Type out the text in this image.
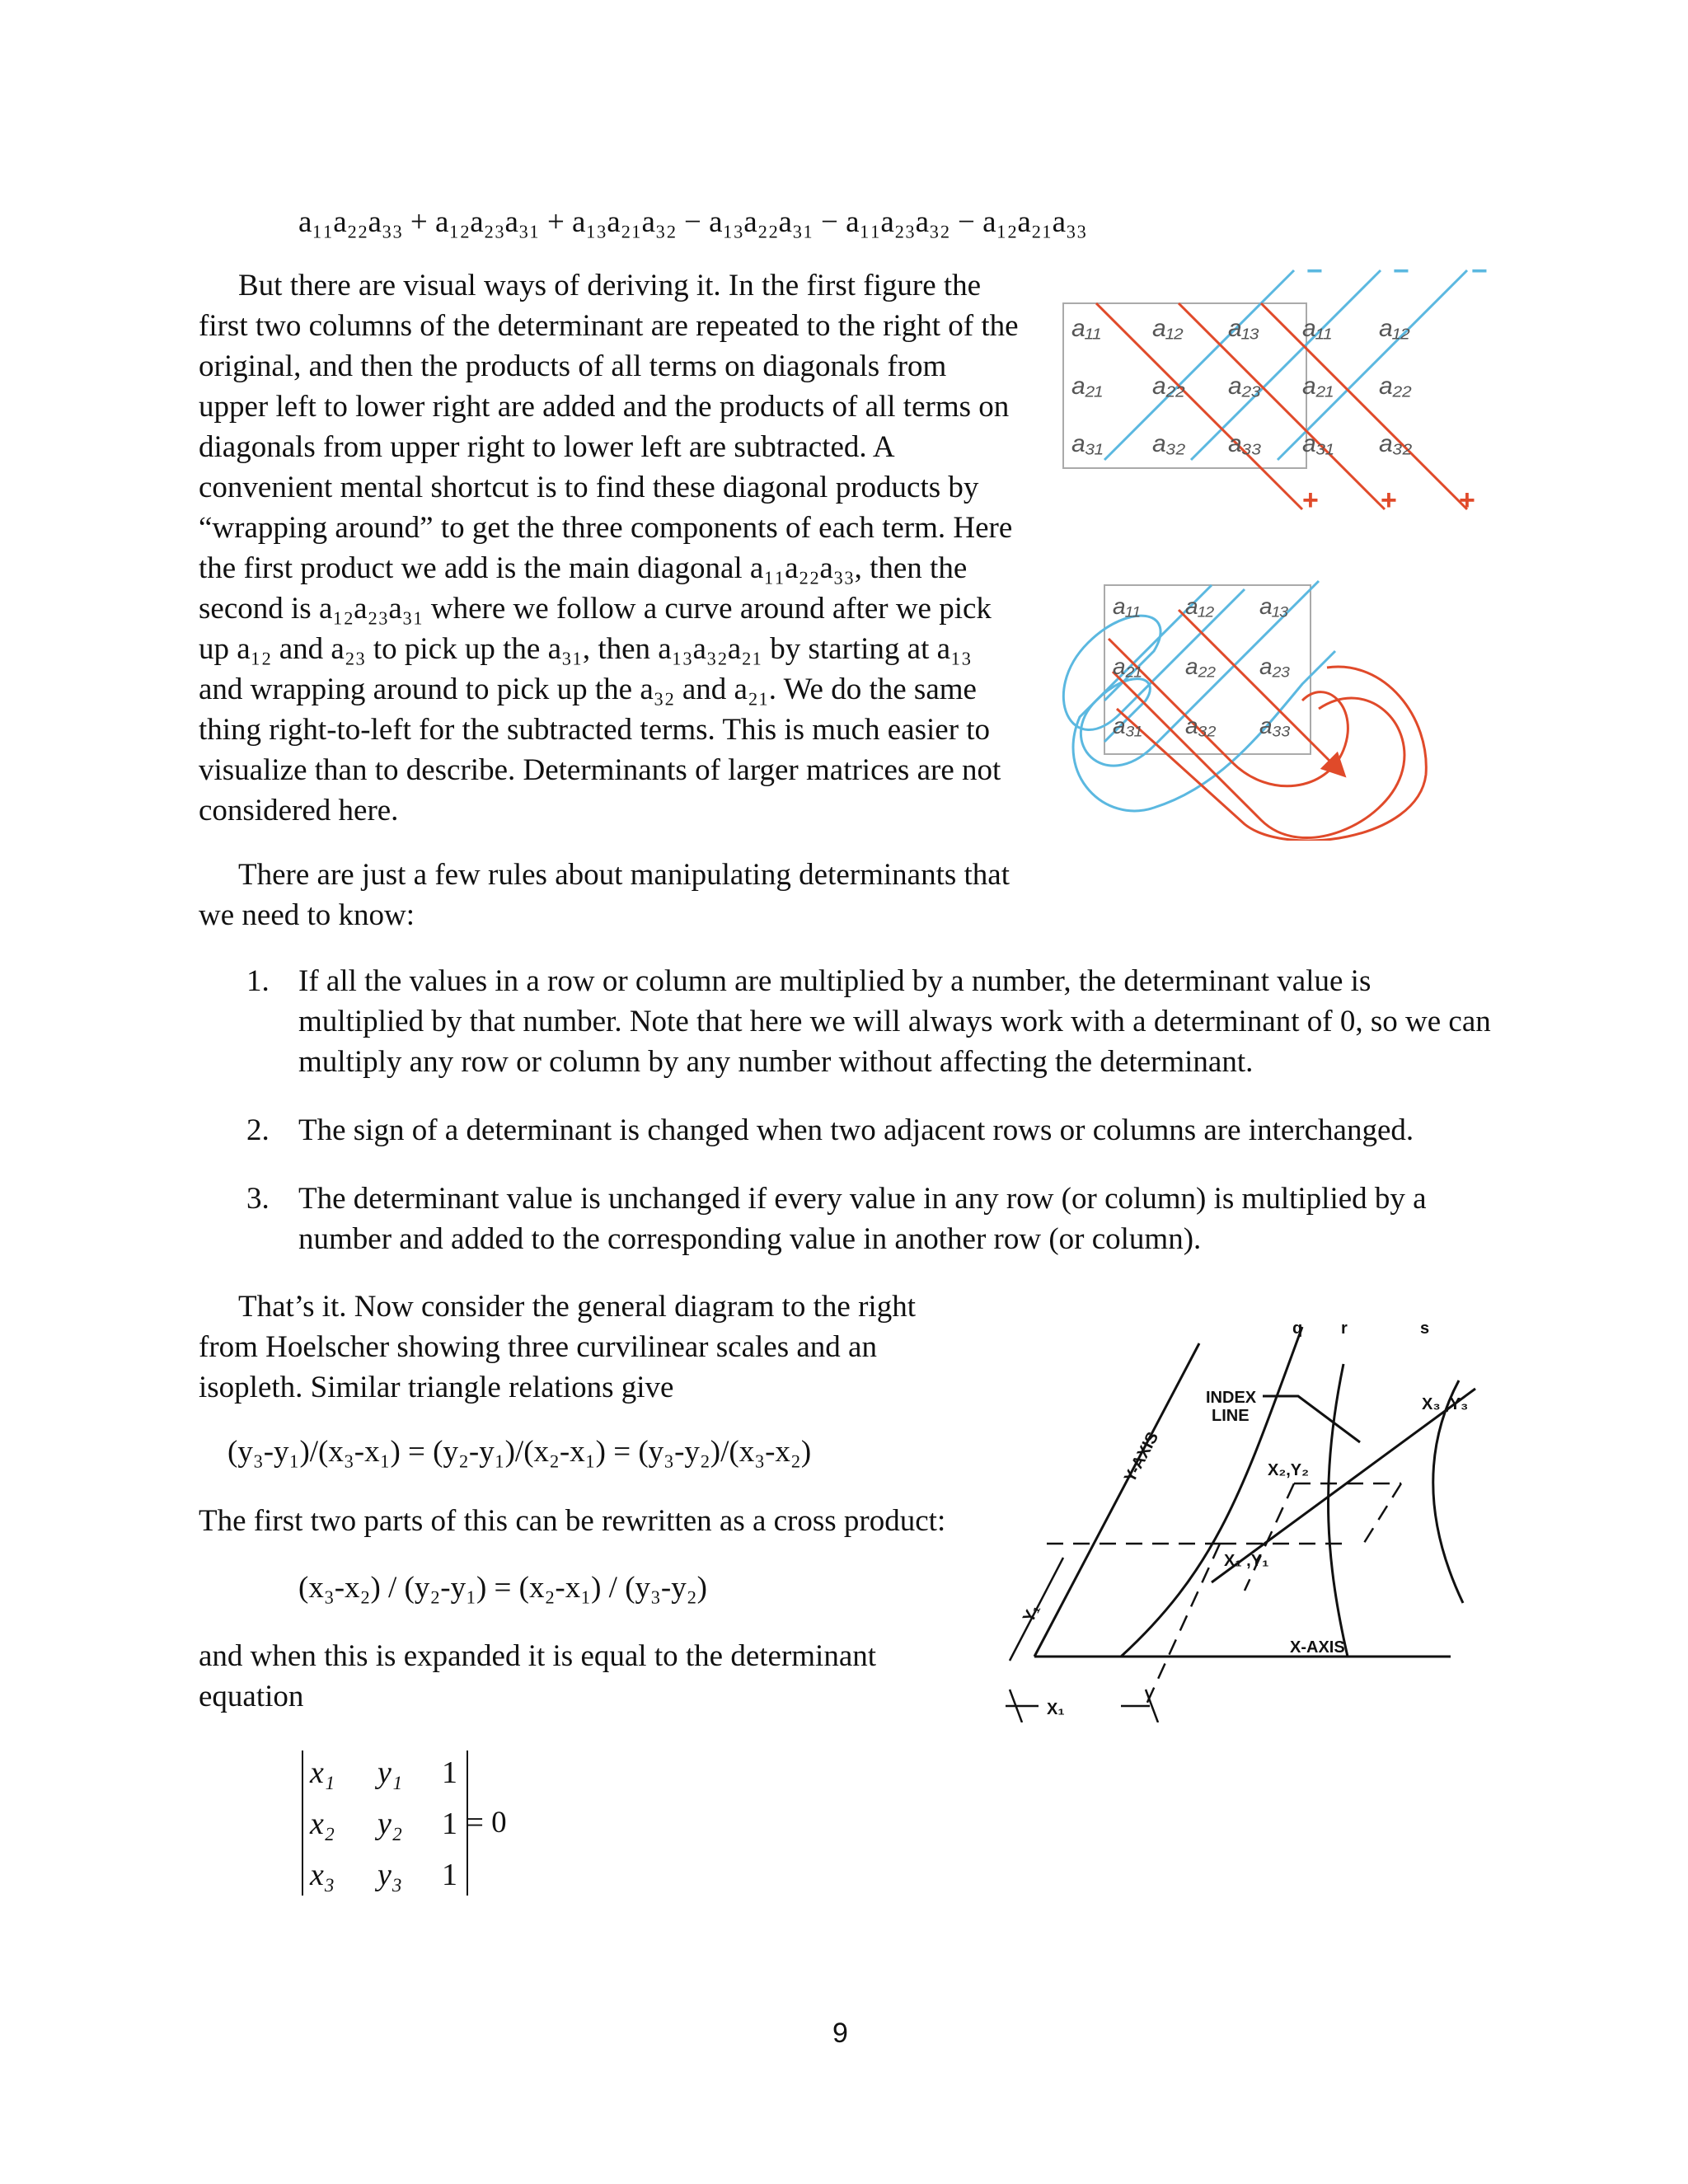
a₁₁a₂₂a₃₃ + a₁₂a₂₃a₃₁ + a₁₃a₂₁a₃₂ − a₁₃a₂₂a₃₁ − a₁₁a₂₃a₃₂ − a₁₂a₂₁a₃₃

But there are visual ways of deriving it. In the first figure the first two columns of the determinant are repeated to the right of the original, and then the products of all terms on diagonals from upper left to lower right are added and the products of all terms on diagonals from upper right to lower left are subtracted. A convenient mental shortcut is to find these diagonal products by “wrapping around” to get the three components of each term. Here the first product we add is the main diagonal a₁₁a₂₂a₃₃, then the second is a₁₂a₂₃a₃₁ where we follow a curve around after we pick up a₁₂ and a₂₃ to pick up the a₃₁, then a₁₃a₃₂a₂₁ by starting at a₁₃ and wrapping around to pick up the a₃₂ and a₂₁. We do the same thing right-to-left for the subtracted terms. This is much easier to visualize than to describe. Determinants of larger matrices are not considered here.

a₁₁ a₁₂ a₁₃ a₁₁ a₁₂
a₂₁ a₂₂ a₂₃ a₂₁ a₂₂
a₃₁ a₃₂ a₃₃ a₃₁ a₃₂
−	− −
+ + +
a₁₁ a₁₂ a₁₃
a₂₁ a₂₂ a₂₃
a₃₁ a₃₂ a₃₃

There are just a few rules about manipulating determinants that we need to know:

1. If all the values in a row or column are multiplied by a number, the determinant value is multiplied by that number. Note that here we will always work with a determinant of 0, so we can multiply any row or column by any number without affecting the determinant.
2. The sign of a determinant is changed when two adjacent rows or columns are interchanged.
3. The determinant value is unchanged if every value in any row (or column) is multiplied by a number and added to the corresponding value in another row (or column).

That’s it. Now consider the general diagram to the right from Hoelscher showing three curvilinear scales and an isopleth. Similar triangle relations give

(y₃-y₁)/(x₃-x₁) = (y₂-y₁)/(x₂-x₁) = (y₃-y₂)/(x₃-x₂)

The first two parts of this can be rewritten as a cross product:

(x₃-x₂) / (y₂-y₁) = (x₂-x₁) / (y₃-y₂)

and when this is expanded it is equal to the determinant equation

x₁	y₁	1
x₂	y₂	1
x₃	y₃	1
= 0
q r	s
INDEX
LINE
X₃ ,Y₃
X₂,Y₂
X₁ ,Y₁
X-AXIS
X₁
Y-AXIS
Y₁
9
